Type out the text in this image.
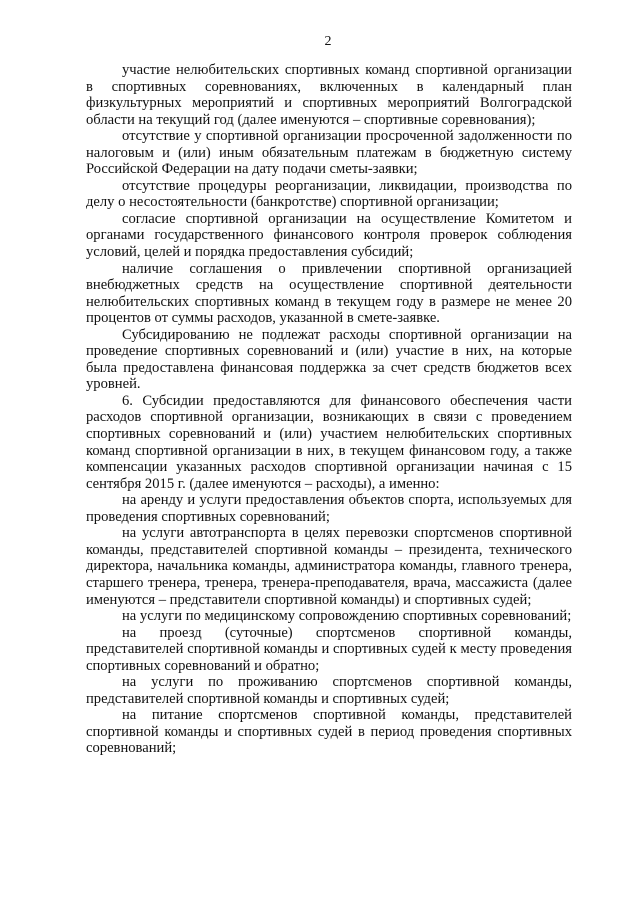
2

участие нелюбительских спортивных команд спортивной организации в спортивных соревнованиях, включенных в календарный план физкультурных мероприятий и спортивных мероприятий Волгоградской области на текущий год (далее именуются – спортивные соревнования);

отсутствие у спортивной организации просроченной задолженности по налоговым и (или) иным обязательным платежам в бюджетную систему Российской Федерации на дату подачи сметы-заявки;

отсутствие процедуры реорганизации, ликвидации, производства по делу о несостоятельности (банкротстве) спортивной организации;

согласие спортивной организации на осуществление Комитетом и органами государственного финансового контроля проверок соблюдения условий, целей и порядка предоставления субсидий;

наличие соглашения о привлечении спортивной организацией внебюджетных средств на осуществление спортивной деятельности нелюбительских спортивных команд в текущем году в размере не менее 20 процентов от суммы расходов, указанной в смете-заявке.

Субсидированию не подлежат расходы спортивной организации на проведение спортивных соревнований и (или) участие в них, на которые была предоставлена финансовая поддержка за счет средств бюджетов всех уровней.

6. Субсидии предоставляются для финансового обеспечения части расходов спортивной организации, возникающих в связи с проведением спортивных соревнований и (или) участием нелюбительских спортивных команд спортивной организации в них, в текущем финансовом году, а также компенсации указанных расходов спортивной организации начиная с 15 сентября 2015 г. (далее именуются – расходы), а именно:

на аренду и услуги предоставления объектов спорта, используемых для проведения спортивных соревнований;

на услуги автотранспорта в целях перевозки спортсменов спортивной команды, представителей спортивной команды – президента, технического директора, начальника команды, администратора команды, главного тренера, старшего тренера, тренера, тренера-преподавателя, врача, массажиста (далее именуются – представители спортивной команды) и спортивных судей;

на услуги по медицинскому сопровождению спортивных соревнований;

на проезд (суточные) спортсменов спортивной команды, представителей спортивной команды и спортивных судей к месту проведения спортивных соревнований и обратно;

на услуги по проживанию спортсменов спортивной команды, представителей спортивной команды и спортивных судей;

на питание спортсменов спортивной команды, представителей спортивной команды и спортивных судей в период проведения спортивных соревнований;
